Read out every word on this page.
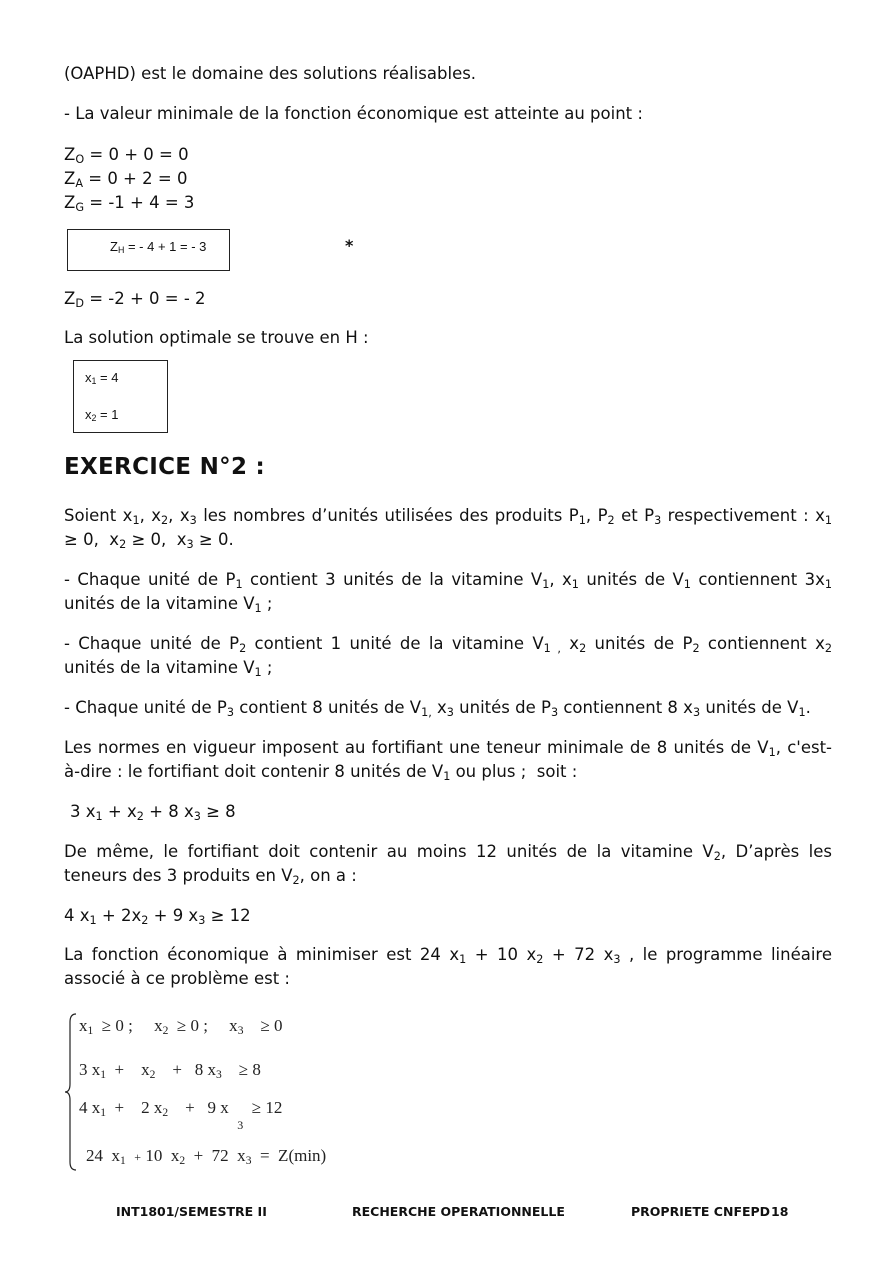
(OAPHD) est le domaine des solutions réalisables.
- La valeur minimale de la fonction économique est atteinte au point :
$Z_O = 0 + 0 = 0$
$Z_A = 0 + 2 = 0$
$Z_G = -1 + 4 = 3$
$Z_H$ = - 4 + 1 = - 3	*
$Z_D = -2 + 0$ = - 2
La solution optimale se trouve en H :
$x_1 = 4$
$x_2 = 1$
EXERCICE N°2 :
Soient $x_1$, $x_2$, $x_3$ les nombres d’unités utilisées des produits $P_1$, $P_2$ et $P_3$ respectivement : $x_1 \ge 0$,  $x_2 \ge 0$,  $x_3 \ge 0$.
- Chaque unité de $P_1$ contient 3 unités de la vitamine $V_1$, $x_1$ unités de $V_1$ contiennent $3x_1$ unités de la vitamine $V_1$ ;
- Chaque unité de $P_2$ contient 1 unité de la vitamine $V_{1 ,}$ $x_2$ unités de $P_2$ contiennent $x_2$ unités de la vitamine $V_1$ ;
- Chaque unité de $P_3$ contient 8 unités de $V_{1,}$ $x_3$ unités de $P_3$ contiennent 8 $x_3$ unités de $V_1$.
Les normes en vigueur imposent au fortifiant une teneur minimale de 8 unités de $V_1$, c'est-à-dire : le fortifiant doit contenir 8 unités de $V_1$ ou plus ;  soit :
3 $x_1 + x_2 + 8$ $x_3 \ge 8$
De même, le fortifiant doit contenir au moins 12 unités de la vitamine $V_2$, D’après les teneurs des 3 produits en $V_2$, on a :
4 $x_1 + 2x_2 + 9$ $x_3 \ge 12$
La fonction économique à minimiser est 24 $x_1 + 10$ $x_2 + 72$ $x_3$ , le programme linéaire associé à ce problème est :
$x_1 \ge 0$ ;     $x_2 \ge 0$ ;     $x_3$    ≥ 0
3 $x_1$  +    $x_2$    +   8 $x_3$    ≥ 8
4 $x_1$  +    2 $x_2$    +   9 x  $_3$  ≥ 12
24  $x_1 + 10$  $x_2 + 72$  $x_3 = Z(\min)$
INT1801/SEMESTRE II	RECHERCHE OPERATIONNELLE	PROPRIETE CNFEPD 18
